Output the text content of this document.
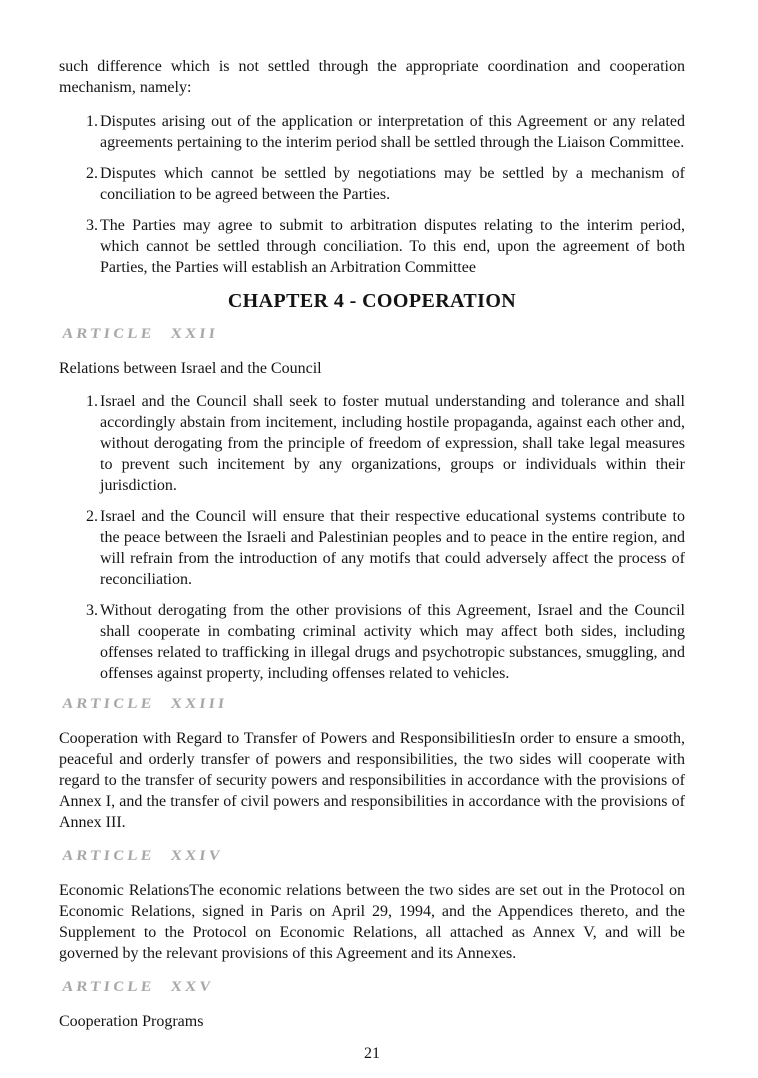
such difference which is not settled through the appropriate coordination and cooperation mechanism, namely:

1. Disputes arising out of the application or interpretation of this Agreement or any related agreements pertaining to the interim period shall be settled through the Liaison Committee.
2. Disputes which cannot be settled by negotiations may be settled by a mechanism of conciliation to be agreed between the Parties.
3. The Parties may agree to submit to arbitration disputes relating to the interim period, which cannot be settled through conciliation. To this end, upon the agreement of both Parties, the Parties will establish an Arbitration Committee
CHAPTER 4 - COOPERATION
ARTICLE XXII

Relations between Israel and the Council

1. Israel and the Council shall seek to foster mutual understanding and tolerance and shall accordingly abstain from incitement, including hostile propaganda, against each other and, without derogating from the principle of freedom of expression, shall take legal measures to prevent such incitement by any organizations, groups or individuals within their jurisdiction.
2. Israel and the Council will ensure that their respective educational systems contribute to the peace between the Israeli and Palestinian peoples and to peace in the entire region, and will refrain from the introduction of any motifs that could adversely affect the process of reconciliation.
3. Without derogating from the other provisions of this Agreement, Israel and the Council shall cooperate in combating criminal activity which may affect both sides, including offenses related to trafficking in illegal drugs and psychotropic substances, smuggling, and offenses against property, including offenses related to vehicles.
ARTICLE XXIII

Cooperation with Regard to Transfer of Powers and ResponsibilitiesIn order to ensure a smooth, peaceful and orderly transfer of powers and responsibilities, the two sides will cooperate with regard to the transfer of security powers and responsibilities in accordance with the provisions of Annex I, and the transfer of civil powers and responsibilities in accordance with the provisions of Annex III.

ARTICLE XXIV

Economic RelationsThe economic relations between the two sides are set out in the Protocol on Economic Relations, signed in Paris on April 29, 1994, and the Appendices thereto, and the Supplement to the Protocol on Economic Relations, all attached as Annex V, and will be governed by the relevant provisions of this Agreement and its Annexes.

ARTICLE XXV

Cooperation Programs

21
